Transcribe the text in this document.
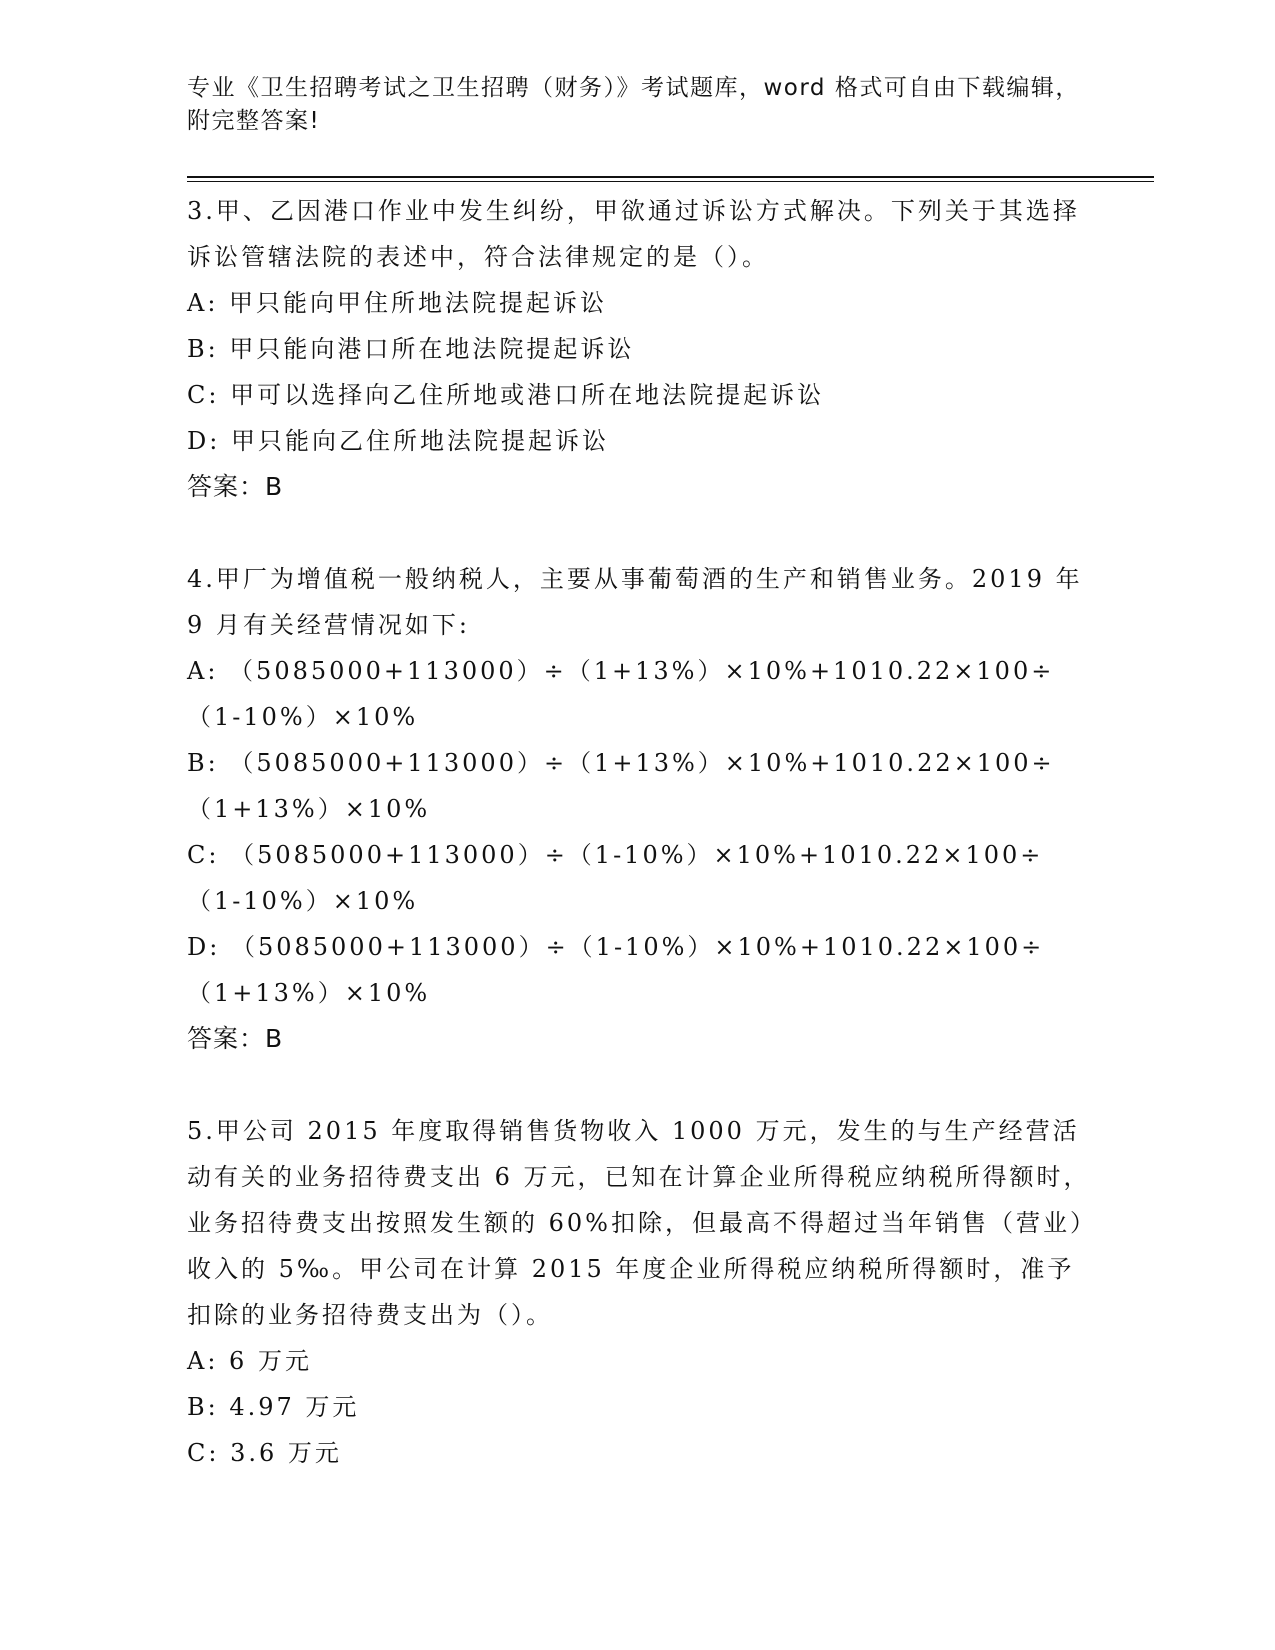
专业《卫生招聘考试之卫生招聘（财务）》考试题库，word 格式可自由下载编辑，附完整答案!

3.甲、乙因港口作业中发生纠纷，甲欲通过诉讼方式解决。下列关于其选择诉讼管辖法院的表述中，符合法律规定的是（）。

A: 甲只能向甲住所地法院提起诉讼

B: 甲只能向港口所在地法院提起诉讼

C: 甲可以选择向乙住所地或港口所在地法院提起诉讼

D: 甲只能向乙住所地法院提起诉讼

答案：B

4.甲厂为增值税一般纳税人，主要从事葡萄酒的生产和销售业务。2019 年 9 月有关经营情况如下:

A: （5085000+113000）÷（1+13%）×10%+1010.22×100÷（1-10%）×10%

B: （5085000+113000）÷（1+13%）×10%+1010.22×100÷（1+13%）×10%

C: （5085000+113000）÷（1-10%）×10%+1010.22×100÷（1-10%）×10%

D: （5085000+113000）÷（1-10%）×10%+1010.22×100÷（1+13%）×10%

答案：B

5.甲公司 2015 年度取得销售货物收入 1000 万元，发生的与生产经营活动有关的业务招待费支出 6 万元，已知在计算企业所得税应纳税所得额时，业务招待费支出按照发生额的 60%扣除，但最高不得超过当年销售（营业）收入的 5‰。甲公司在计算 2015 年度企业所得税应纳税所得额时，准予扣除的业务招待费支出为（）。

A: 6 万元

B: 4.97 万元

C: 3.6 万元
